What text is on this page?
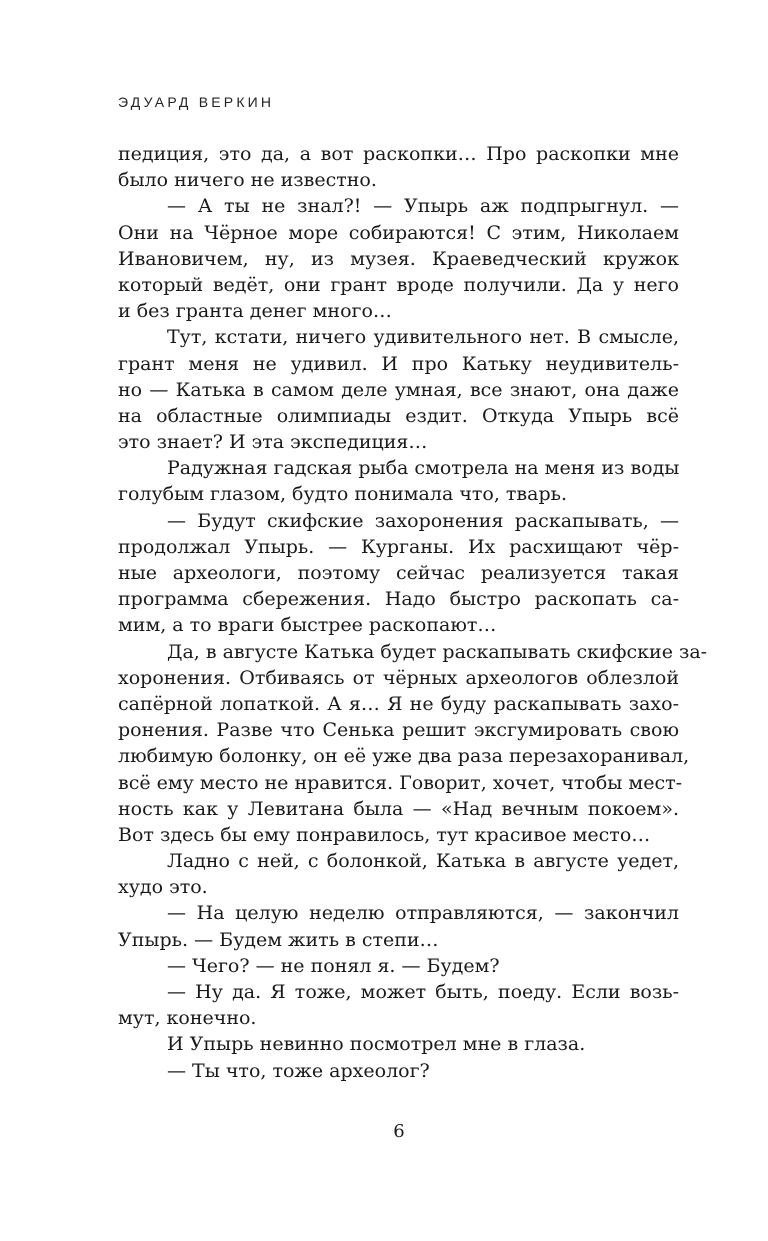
ЭДУАРД ВЕРКИН
педиция, это да, а вот раскопки… Про раскопки мне
было ничего не известно.
— А ты не знал?! — Упырь аж подпрыгнул. —
Они на Чёрное море собираются! С этим, Николаем
Ивановичем, ну, из музея. Краеведческий кружок
который ведёт, они грант вроде получили. Да у него
и без гранта денег много…
Тут, кстати, ничего удивительного нет. В смысле,
грант меня не удивил. И про Катьку неудивитель-
но — Катька в самом деле умная, все знают, она даже
на областные олимпиады ездит. Откуда Упырь всё
это знает? И эта экспедиция…
Радужная гадская рыба смотрела на меня из воды
голубым глазом, будто понимала что, тварь.
— Будут скифские захоронения раскапывать, —
продолжал Упырь. — Курганы. Их расхищают чёр-
ные археологи, поэтому сейчас реализуется такая
программа сбережения. Надо быстро раскопать са-
мим, а то враги быстрее раскопают…
Да, в августе Катька будет раскапывать скифские за-
хоронения. Отбиваясь от чёрных археологов облезлой
сапёрной лопаткой. А я… Я не буду раскапывать захо-
ронения. Разве что Сенька решит эксгумировать свою
любимую болонку, он её уже два раза перезахоранивал,
всё ему место не нравится. Говорит, хочет, чтобы мест-
ность как у Левитана была — «Над вечным покоем».
Вот здесь бы ему понравилось, тут красивое место…
Ладно с ней, с болонкой, Катька в августе уедет,
худо это.
— На целую неделю отправляются, — закончил
Упырь. — Будем жить в степи…
— Чего? — не понял я. — Будем?
— Ну да. Я тоже, может быть, поеду. Если возь-
мут, конечно.
И Упырь невинно посмотрел мне в глаза.
— Ты что, тоже археолог?
6
